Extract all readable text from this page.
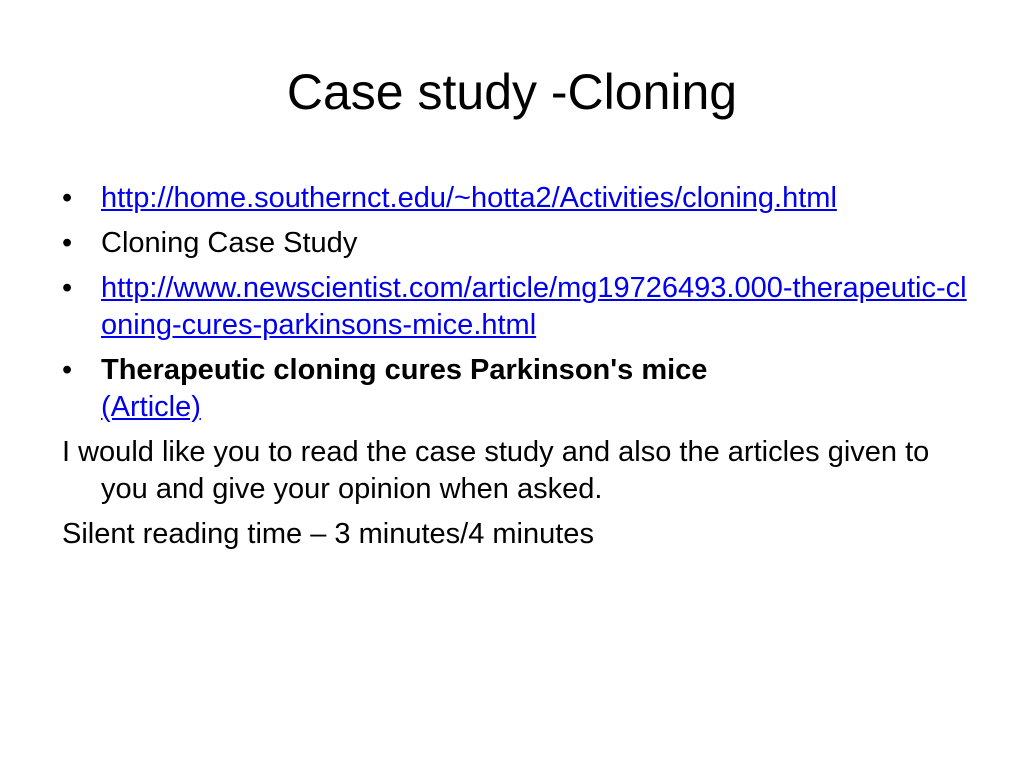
Case study -Cloning
• http://home.southernct.edu/~hotta2/Activities/cloning.html
• Cloning Case Study
• http://www.newscientist.com/article/mg19726493.000-therapeutic-cloning-cures-parkinsons-mice.html
• Therapeutic cloning cures Parkinson's mice
(Article)
I would like you to read the case study and also the articles given to you and give your opinion when asked.
Silent reading time – 3 minutes/4 minutes
